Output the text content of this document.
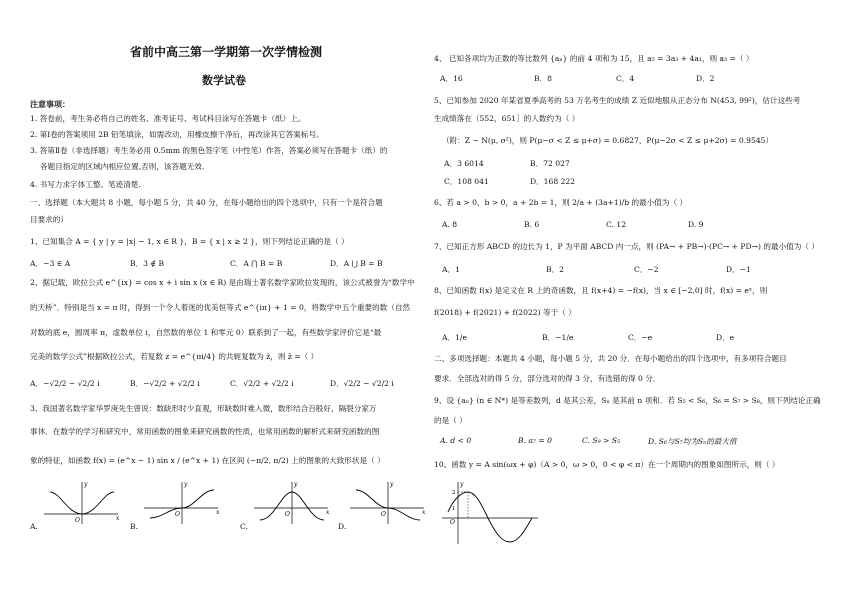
省前中高三第一学期第一次学情检测
数学试卷
注意事项：
1. 答卷前，考生务必将自己的姓名、准考证号、考试科目涂写在答题卡（纸）上。
2. 第Ⅰ卷的答案须用 2B 铅笔填涂，如需改动，用橡皮擦干净后，再改涂其它答案标号。
3. 答第Ⅱ卷（非选择题）考生务必用 0.5mm 的黑色签字笔（中性笔）作答，答案必须写在答题卡（纸）的
各题目指定的区域内相应位置,否则，该答题无效.
4. 书写力求字体工整、笔迹清楚.
一、选择题（本大题共 8 小题，每小题 5 分，共 40 分，在每小题给出的四个选项中，只有一个是符合题
目要求的）
1、已知集合 A = { y | y = |x| − 1, x ∈ R }，B = { x | x ≥ 2 }，则下列结论正确的是（ ）
A．−3 ∈ A	B．3 ∉ B	C．A ⋂ B = B	D．A ⋃ B = B
2、据记载，欧拉公式 e^{ix} = cos x + i sin x (x ∈ R) 是由瑞士著名数学家欧拉发现的，该公式被誉为“数学中
的天桥”．特别是当 x = π 时，得到一个令人着迷的优美恒等式 e^{iπ} + 1 = 0，将数学中五个重要的数（自然
对数的底 e，圆周率 π，虚数单位 i，自然数的单位 1 和零元 0）联系到了一起，有些数学家评价它是“最
完美的数学公式”根据欧拉公式，若复数 z = e^{πi/4} 的共轭复数为 z̄，则 z̄ =（ ）
A．−√2/2 − √2/2 i	B．−√2/2 + √2/2 i	C．√2/2 + √2/2 i	D．√2/2 − √2/2 i
3、我国著名数学家华罗庚先生曾说：数缺形时少直观，形缺数时难入微，数形结合百般好，隔裂分家万
事休．在数学的学习和研究中，常用函数的图象来研究函数的性质，也常用函数的解析式来研究函数的图
象的特征，如函数 f(x) = (e^x − 1) sin x / (e^x + 1) 在区间 (−π/2, π/2) 上的图象的大致形状是（ ）
A.
O	x
y
B.
O	x
y
C.
O	x
y
D.
O	x
y
4、 已知各项均为正数的等比数列 {aₙ} 的前 4 项和为 15，且 a₅ = 3a₃ + 4a₁，则 a₃ =（ ）
A．16	B．8	C．4	D．2
5、已知参加 2020 年某省夏季高考的 53 万名考生的成绩 Z 近似地服从正态分布 N(453, 99²)，估计这些考
生成绩落在（552，651］的人数约为（ ）
（附：Z ~ N(μ, σ²)，则 P(μ−σ < Z ≤ μ+σ) = 0.6827，P(μ−2σ < Z ≤ μ+2σ) = 0.9545）
A．3 6014	B．72 027
C．108 041	D．168 222
6、若 a > 0，b > 0，a + 2b = 1，则 2/a + (3a+1)/b 的最小值为（ ）
A. 8	B. 6	C. 12	D. 9
7、已知正方形 ABCD 的边长为 1，P 为平面 ABCD 内一点，则 (PA→ + PB→)·(PC→ + PD→) 的最小值为（ ）
A．1	B．2	C．−2	D．−1
8、已知函数 f(x) 是定义在 R 上的奇函数，且 f(x+4) = −f(x)，当 x ∈ [−2,0] 时，f(x) = eˣ，则
f(2018) + f(2021) + f(2022) 等于（ ）
A．1/e	B．−1/e	C．−e	D．e
二、多项选择题：本题共 4 小题，每小题 5 分，共 20 分．在每小题给出的四个选项中，有多项符合题目
要求．全部选对的得 5 分，部分选对的得 3 分，有选错的得 0 分．
9、设 {aₙ} (n ∈ N*) 是等差数列，d 是其公差，Sₙ 是其前 n 项和．若 S₅ < S₆，S₆ = S₇ > S₈，则下列结论正确
的是（ ）
A. d < 0	B. a₇ = 0	C. S₉ > S₅	D. S₆与S₇均为Sₙ的最大值
10、函数 y = A sin(ωx + φ)（A > 0，ω > 0，0 < φ < π）在一个周期内的图象如图所示，则（ ）
O
y
2
1
